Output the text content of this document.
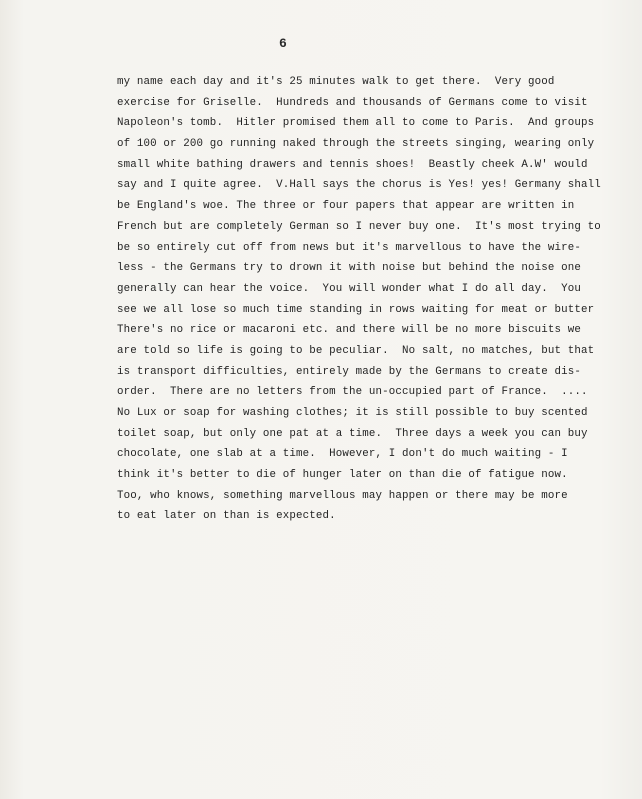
6
my name each day and it's 25 minutes walk to get there.  Very good
exercise for Griselle.  Hundreds and thousands of Germans come to visit
Napoleon's tomb.  Hitler promised them all to come to Paris.  And groups
of 100 or 200 go running naked through the streets singing, wearing only
small white bathing drawers and tennis shoes!  Beastly cheek A.W' would
say and I quite agree.  V.Hall says the chorus is Yes! yes! Germany shall
be England's woe. The three or four papers that appear are written in
French but are completely German so I never buy one.  It's most trying to
be so entirely cut off from news but it's marvellous to have the wire-
less - the Germans try to drown it with noise but behind the noise one
generally can hear the voice.  You will wonder what I do all day.  You
see we all lose so much time standing in rows waiting for meat or butter
There's no rice or macaroni etc. and there will be no more biscuits we
are told so life is going to be peculiar.  No salt, no matches, but that
is transport difficulties, entirely made by the Germans to create dis-
order.  There are no letters from the un-occupied part of France.  ....
No Lux or soap for washing clothes; it is still possible to buy scented
toilet soap, but only one pat at a time.  Three days a week you can buy
chocolate, one slab at a time.  However, I don't do much waiting - I
think it's better to die of hunger later on than die of fatigue now.
Too, who knows, something marvellous may happen or there may be more
to eat later on than is expected.
